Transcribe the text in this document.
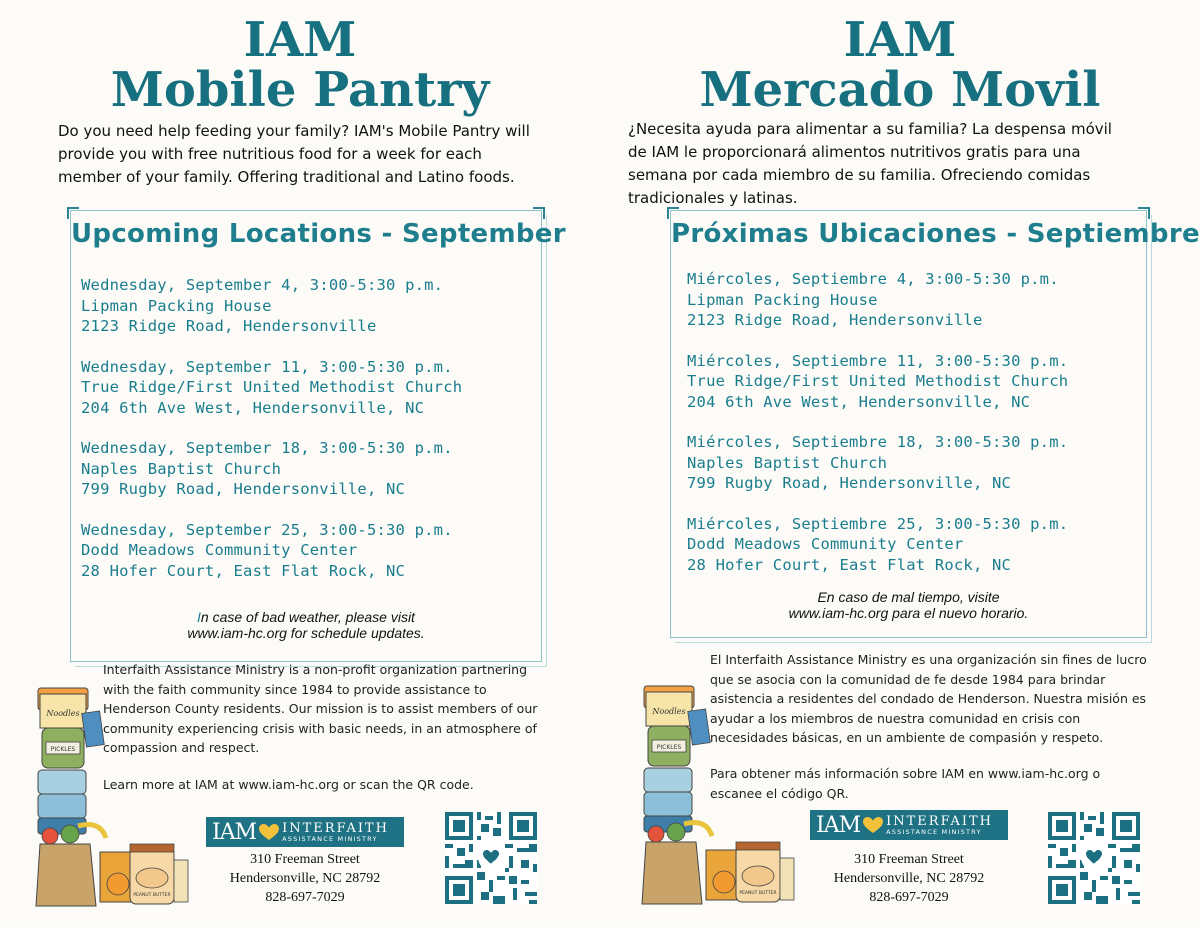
IAM
Mobile Pantry

Do you need help feeding your family? IAM's Mobile Pantry will provide you with free nutritious food for a week for each member of your family. Offering traditional and Latino foods.

Upcoming Locations - September
Wednesday, September 4, 3:00-5:30 p.m.
Lipman Packing House
2123 Ridge Road, Hendersonville
Wednesday, September 11, 3:00-5:30 p.m.
True Ridge/First United Methodist Church
204 6th Ave West, Hendersonville, NC
Wednesday, September 18, 3:00-5:30 p.m.
Naples Baptist Church
799 Rugby Road, Hendersonville, NC
Wednesday, September 25, 3:00-5:30 p.m.
Dodd Meadows Community Center
28 Hofer Court, East Flat Rock, NC

In case of bad weather, please visit
www.iam-hc.org for schedule updates.

Noodles
PICKLES
PEANUT BUTTER

Interfaith Assistance Ministry is a non-profit organization partnering with the faith community since 1984 to provide assistance to Henderson County residents. Our mission is to assist members of our community experiencing crisis with basic needs, in an atmosphere of compassion and respect.

Learn more at IAM at www.iam-hc.org or scan the QR code.

IAM INTERFAITH
ASSISTANCE MINISTRY

310 Freeman Street
Hendersonville, NC 28792
828-697-7029

IAM
Mercado Movil

¿Necesita ayuda para alimentar a su familia? La despensa móvil de IAM le proporcionará alimentos nutritivos gratis para una semana por cada miembro de su familia. Ofreciendo comidas tradicionales y latinas.

Próximas Ubicaciones - Septiembre
Miércoles, Septiembre 4, 3:00-5:30 p.m.
Lipman Packing House
2123 Ridge Road, Hendersonville
Miércoles, Septiembre 11, 3:00-5:30 p.m.
True Ridge/First United Methodist Church
204 6th Ave West, Hendersonville, NC
Miércoles, Septiembre 18, 3:00-5:30 p.m.
Naples Baptist Church
799 Rugby Road, Hendersonville, NC
Miércoles, Septiembre 25, 3:00-5:30 p.m.
Dodd Meadows Community Center
28 Hofer Court, East Flat Rock, NC

En caso de mal tiempo, visite
www.iam-hc.org para el nuevo horario.

Noodles
PICKLES
PEANUT BUTTER

El Interfaith Assistance Ministry es una organización sin fines de lucro que se asocia con la comunidad de fe desde 1984 para brindar asistencia a residentes del condado de Henderson. Nuestra misión es ayudar a los miembros de nuestra comunidad en crisis con necesidades básicas, en un ambiente de compasión y respeto.

Para obtener más información sobre IAM en www.iam-hc.org o escanee el código QR.

IAM INTERFAITH
ASSISTANCE MINISTRY

310 Freeman Street
Hendersonville, NC 28792
828-697-7029
